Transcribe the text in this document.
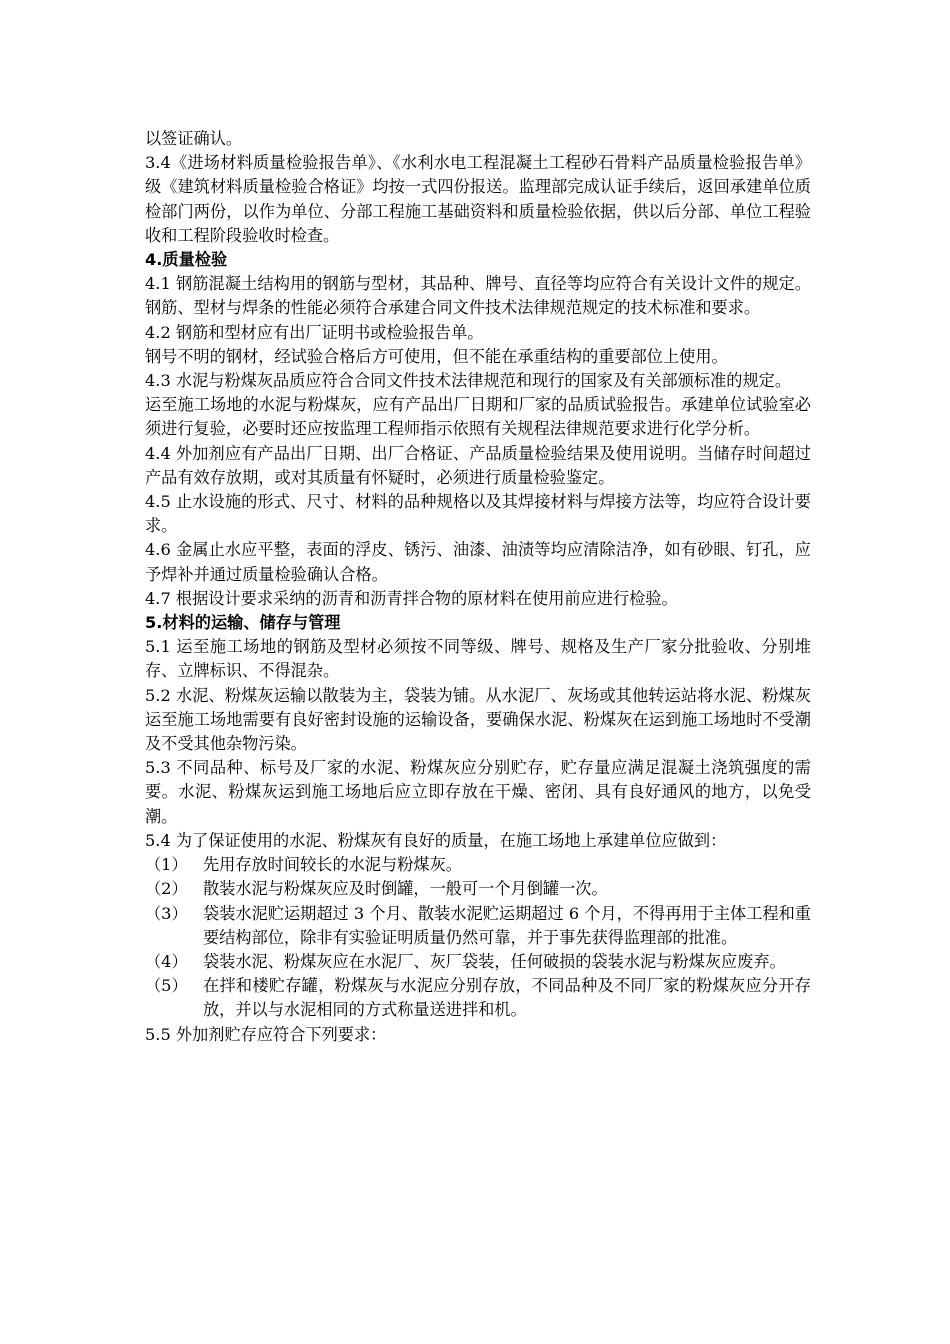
以签证确认。

3.4《进场材料质量检验报告单》、《水利水电工程混凝土工程砂石骨料产品质量检验报告单》级《建筑材料质量检验合格证》均按一式四份报送。监理部完成认证手续后，返回承建单位质检部门两份，以作为单位、分部工程施工基础资料和质量检验依据，供以后分部、单位工程验收和工程阶段验收时检查。

4.质量检验

4.1 钢筋混凝土结构用的钢筋与型材，其品种、牌号、直径等均应符合有关设计文件的规定。钢筋、型材与焊条的性能必须符合承建合同文件技术法律规范规定的技术标准和要求。

4.2 钢筋和型材应有出厂证明书或检验报告单。

钢号不明的钢材，经试验合格后方可使用，但不能在承重结构的重要部位上使用。

4.3 水泥与粉煤灰品质应符合合同文件技术法律规范和现行的国家及有关部颁标准的规定。

运至施工场地的水泥与粉煤灰，应有产品出厂日期和厂家的品质试验报告。承建单位试验室必须进行复验，必要时还应按监理工程师指示依照有关规程法律规范要求进行化学分析。

4.4 外加剂应有产品出厂日期、出厂合格证、产品质量检验结果及使用说明。当储存时间超过产品有效存放期，或对其质量有怀疑时，必须进行质量检验鉴定。

4.5 止水设施的形式、尺寸、材料的品种规格以及其焊接材料与焊接方法等，均应符合设计要求。

4.6 金属止水应平整，表面的浮皮、锈污、油漆、油渍等均应清除洁净，如有砂眼、钉孔，应予焊补并通过质量检验确认合格。

4.7 根据设计要求采纳的沥青和沥青拌合物的原材料在使用前应进行检验。

5.材料的运输、储存与管理

5.1 运至施工场地的钢筋及型材必须按不同等级、牌号、规格及生产厂家分批验收、分别堆存、立牌标识、不得混杂。

5.2 水泥、粉煤灰运输以散装为主，袋装为铺。从水泥厂、灰场或其他转运站将水泥、粉煤灰运至施工场地需要有良好密封设施的运输设备，要确保水泥、粉煤灰在运到施工场地时不受潮及不受其他杂物污染。

5.3 不同品种、标号及厂家的水泥、粉煤灰应分别贮存，贮存量应满足混凝土浇筑强度的需要。水泥、粉煤灰运到施工场地后应立即存放在干燥、密闭、具有良好通风的地方，以免受潮。

5.4 为了保证使用的水泥、粉煤灰有良好的质量，在施工场地上承建单位应做到：

（1） 先用存放时间较长的水泥与粉煤灰。
（2） 散装水泥与粉煤灰应及时倒罐，一般可一个月倒罐一次。
（3） 袋装水泥贮运期超过 3 个月、散装水泥贮运期超过 6 个月，不得再用于主体工程和重要结构部位，除非有实验证明质量仍然可靠，并于事先获得监理部的批准。
（4） 袋装水泥、粉煤灰应在水泥厂、灰厂袋装，任何破损的袋装水泥与粉煤灰应废弃。
（5） 在拌和楼贮存罐，粉煤灰与水泥应分别存放，不同品种及不同厂家的粉煤灰应分开存放，并以与水泥相同的方式称量送进拌和机。

5.5 外加剂贮存应符合下列要求：
